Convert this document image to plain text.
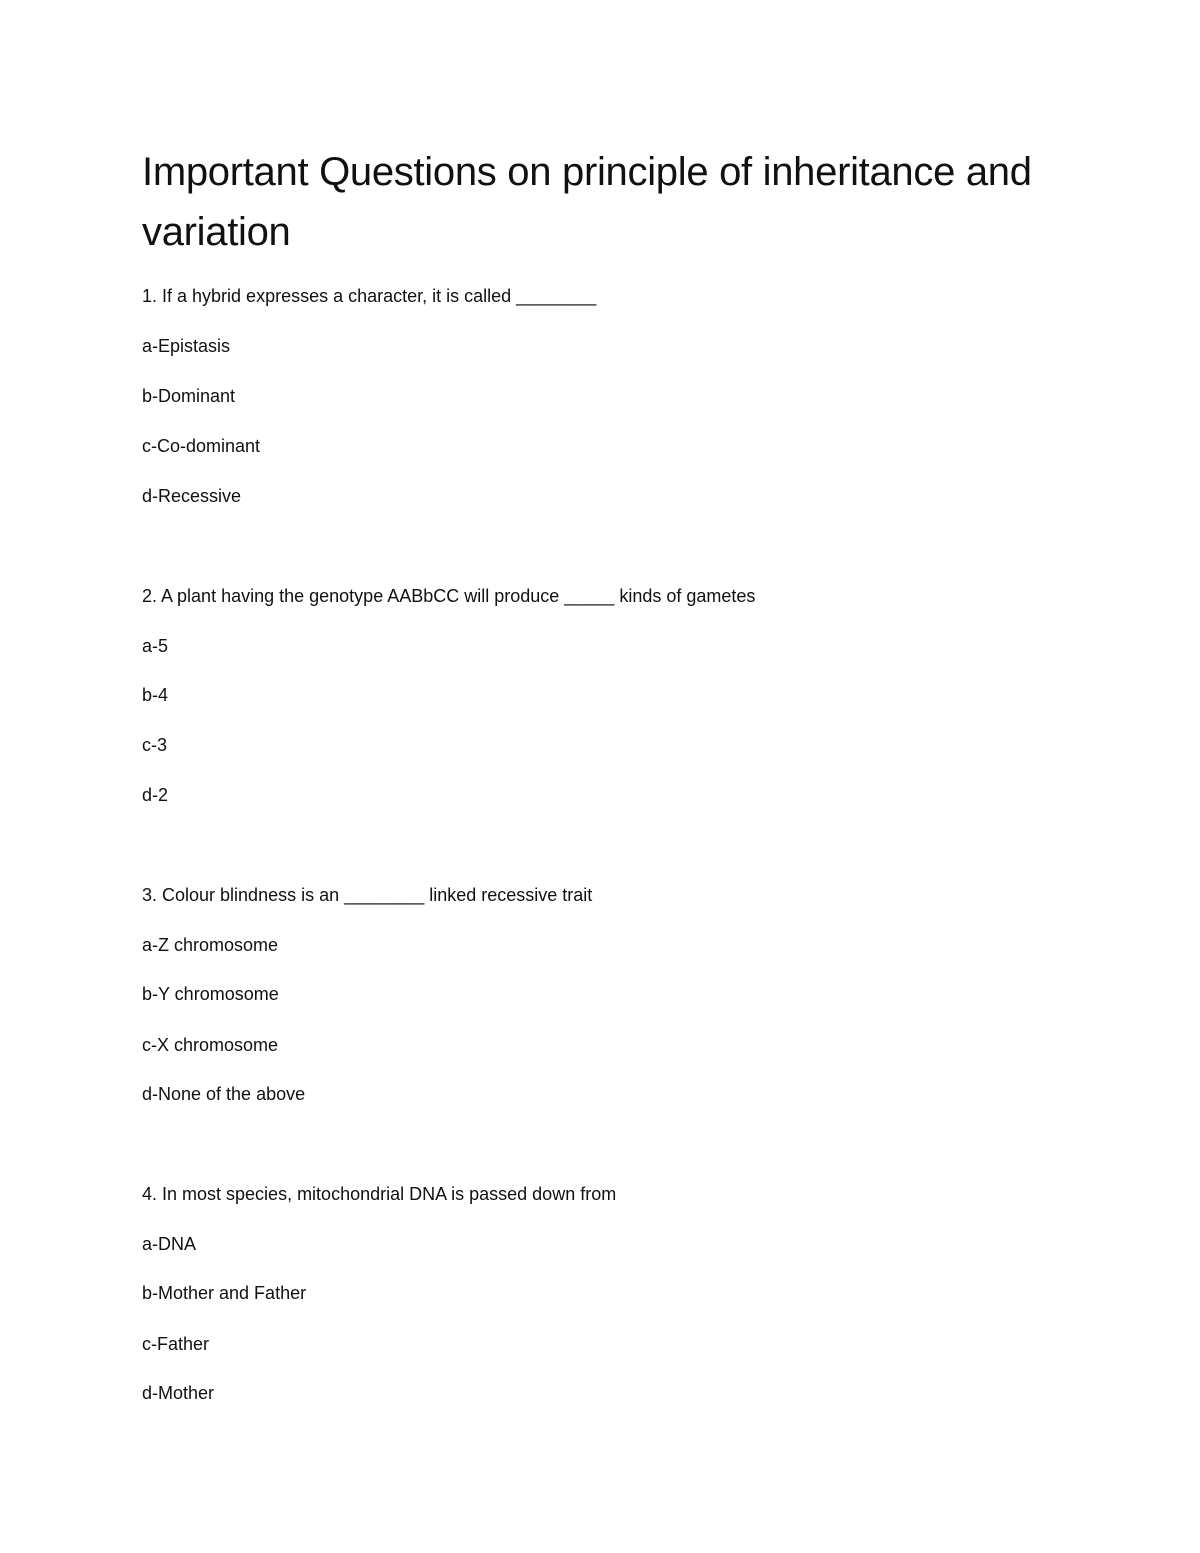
Important Questions on principle of inheritance and variation

1. If a hybrid expresses a character, it is called ________

a-Epistasis

b-Dominant

c-Co-dominant

d-Recessive

2. A plant having the genotype AABbCC will produce _____ kinds of gametes

a-5

b-4

c-3

d-2

3. Colour blindness is an ________ linked recessive trait

a-Z chromosome

b-Y chromosome

c-X chromosome

d-None of the above

4. In most species, mitochondrial DNA is passed down from

a-DNA

b-Mother and Father

c-Father

d-Mother
